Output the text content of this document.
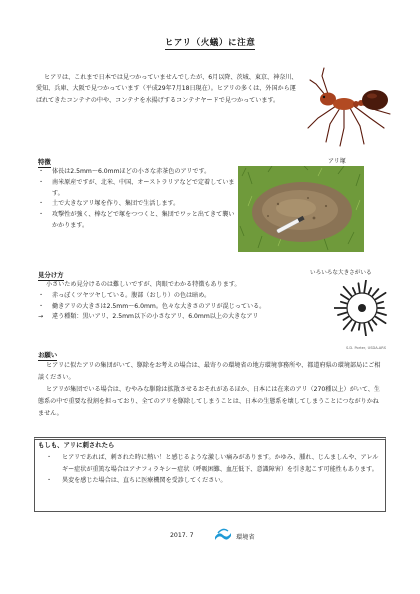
ヒアリ（火蟻）に注意
ヒアリは、これまで日本では見つかっていませんでしたが、6月以降、茨城、東京、神奈川、愛知、兵庫、大阪で見つかっています（平成29年7月18日現在）。ヒアリの多くは、外国から運ばれてきたコンテナの中や、コンテナを水揚げするコンテナヤードで見つかっています。
特徴
・ 体長は2.5mm～6.0mmほどの小さな赤茶色のアリです。
・ 南米原産ですが、北米、中国、オーストラリアなどで定着しています。
・ 土で大きなアリ塚を作り、集団で生活します。
・ 攻撃性が強く、棒などで塚をつつくと、集団でワッと出てきて襲いかかります。
アリ塚
見分け方
小さいため見分けるのは難しいですが、肉眼でわかる特徴もあります。
・ 赤っぽくツヤツヤしている。腹部（おしり）の色は暗め。
・ 働きアリの大きさは2.5mm～6.0mm。色々な大きさのアリが混じっている。
→ 違う種類：黒いアリ、2.5mm以下の小さなアリ、6.0mm以上の大きなアリ
いろいろな大きさがいる
S.D. Porter, USDA-ARS
お願い
ヒアリに似たアリの集団がいて、駆除をお考えの場合は、最寄りの環境省の地方環境事務所や、都道府県の環境部局にご相談ください。
ヒアリが集団でいる場合は、むやみな駆除は拡散させるおそれがあるほか、日本には在来のアリ（270種以上）がいて、生態系の中で重要な役割を担っており、全てのアリを駆除してしまうことは、日本の生態系を壊してしまうことにつながりかねません。
もしも、アリに刺されたら
・ ヒアリであれば、刺された時に熱い！と感じるような激しい痛みがあります。かゆみ、腫れ、じんましんや、アレルギー症状が重篤な場合はアナフィラキシー症状（呼吸困難、血圧低下、意識障害）を引き起こす可能性もあります。
・ 異変を感じた場合は、直ちに医療機関を受診してください。
2017. 7	環境省
